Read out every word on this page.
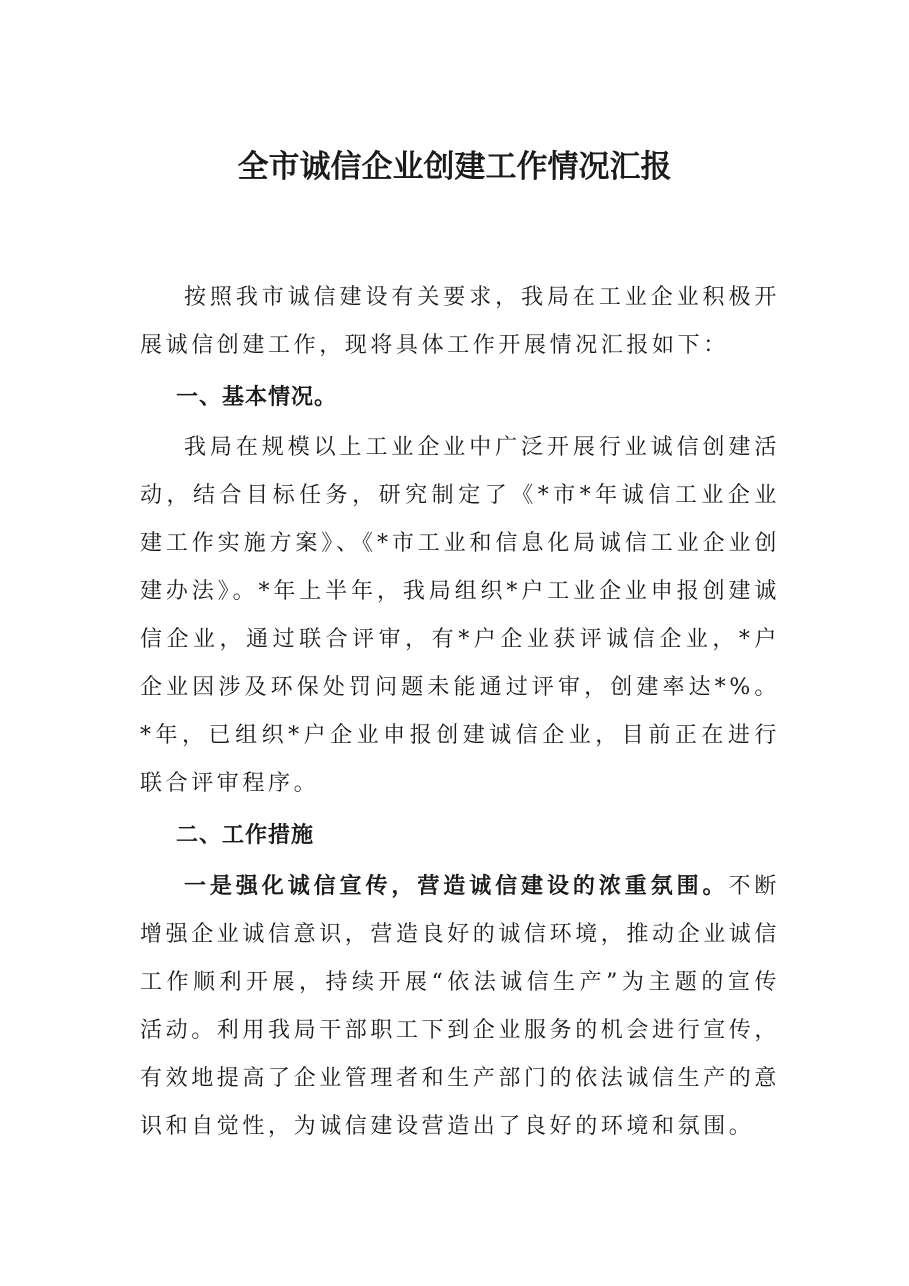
全市诚信企业创建工作情况汇报

按照我市诚信建设有关要求，我局在工业企业积极开展诚信创建工作，现将具体工作开展情况汇报如下：

一、基本情况。

我局在规模以上工业企业中广泛开展行业诚信创建活动，结合目标任务，研究制定了《*市*年诚信工业企业建工作实施方案》、《*市工业和信息化局诚信工业企业创建办法》。*年上半年，我局组织*户工业企业申报创建诚信企业，通过联合评审，有*户企业获评诚信企业，*户企业因涉及环保处罚问题未能通过评审，创建率达*%。*年，已组织*户企业申报创建诚信企业，目前正在进行联合评审程序。

二、工作措施

一是强化诚信宣传，营造诚信建设的浓重氛围。不断增强企业诚信意识，营造良好的诚信环境，推动企业诚信工作顺利开展，持续开展“依法诚信生产”为主题的宣传活动。利用我局干部职工下到企业服务的机会进行宣传，有效地提高了企业管理者和生产部门的依法诚信生产的意识和自觉性，为诚信建设营造出了良好的环境和氛围。
